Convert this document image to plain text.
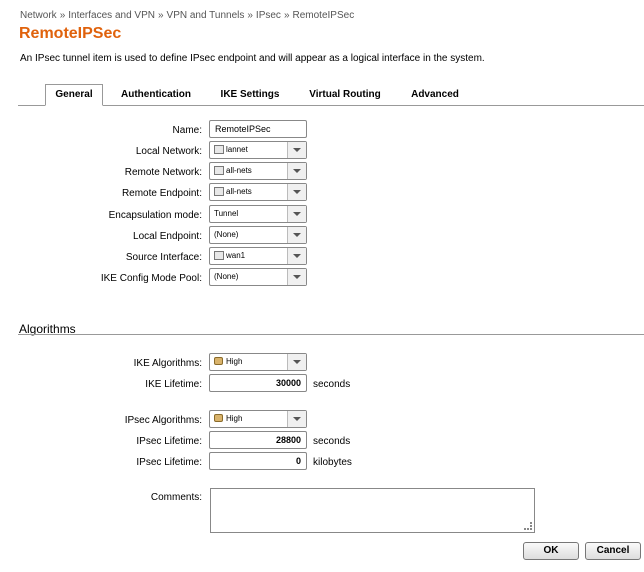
Network » Interfaces and VPN » VPN and Tunnels » IPsec » RemoteIPSec
RemoteIPSec
An IPsec tunnel item is used to define IPsec endpoint and will appear as a logical interface in the system.
General	Authentication	IKE Settings	Virtual Routing	Advanced
Name:	RemoteIPSec
Local Network:	lannet
Remote Network:	all-nets
Remote Endpoint:	all-nets
Encapsulation mode: Tunnel
Local Endpoint: (None)
Source Interface:	wan1
IKE Config Mode Pool: (None)
Algorithms
IKE Algorithms:	High
IKE Lifetime:	30000	seconds
IPsec Algorithms:	High
IPsec Lifetime:	28800	seconds
IPsec Lifetime:	0	kilobytes
Comments:
OK	Cancel
